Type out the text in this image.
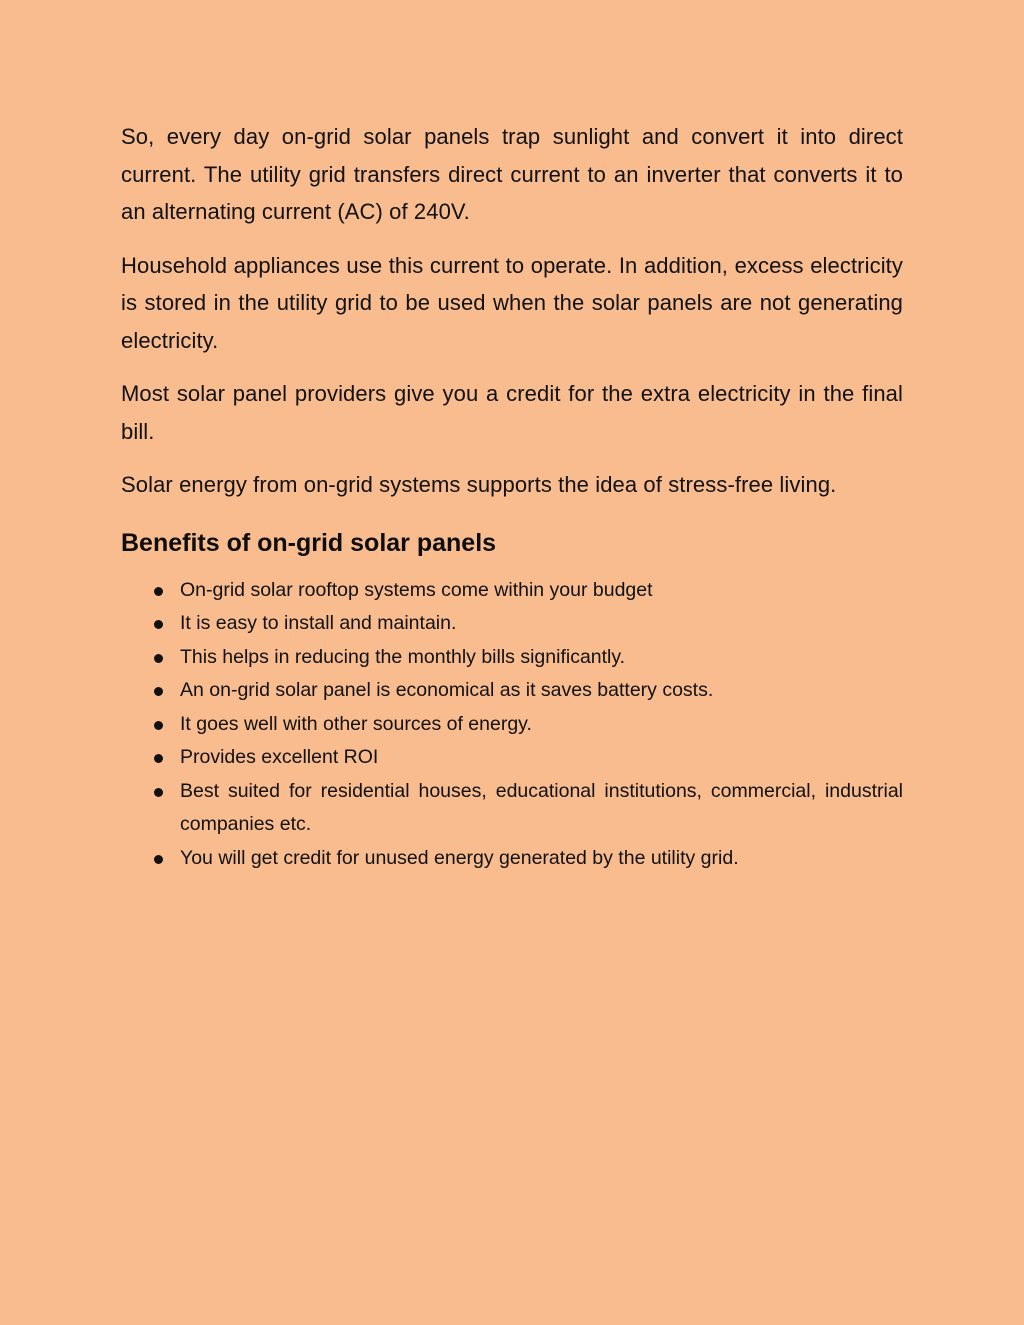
So, every day on-grid solar panels trap sunlight and convert it into direct current. The utility grid transfers direct current to an inverter that converts it to an alternating current (AC) of 240V.

Household appliances use this current to operate. In addition, excess electricity is stored in the utility grid to be used when the solar panels are not generating electricity.

Most solar panel providers give you a credit for the extra electricity in the final bill.

Solar energy from on-grid systems supports the idea of stress-free living.

Benefits of on-grid solar panels
On-grid solar rooftop systems come within your budget
It is easy to install and maintain.
This helps in reducing the monthly bills significantly.
An on-grid solar panel is economical as it saves battery costs.
It goes well with other sources of energy.
Provides excellent ROI
Best suited for residential houses, educational institutions, commercial, industrial companies etc.
You will get credit for unused energy generated by the utility grid.
